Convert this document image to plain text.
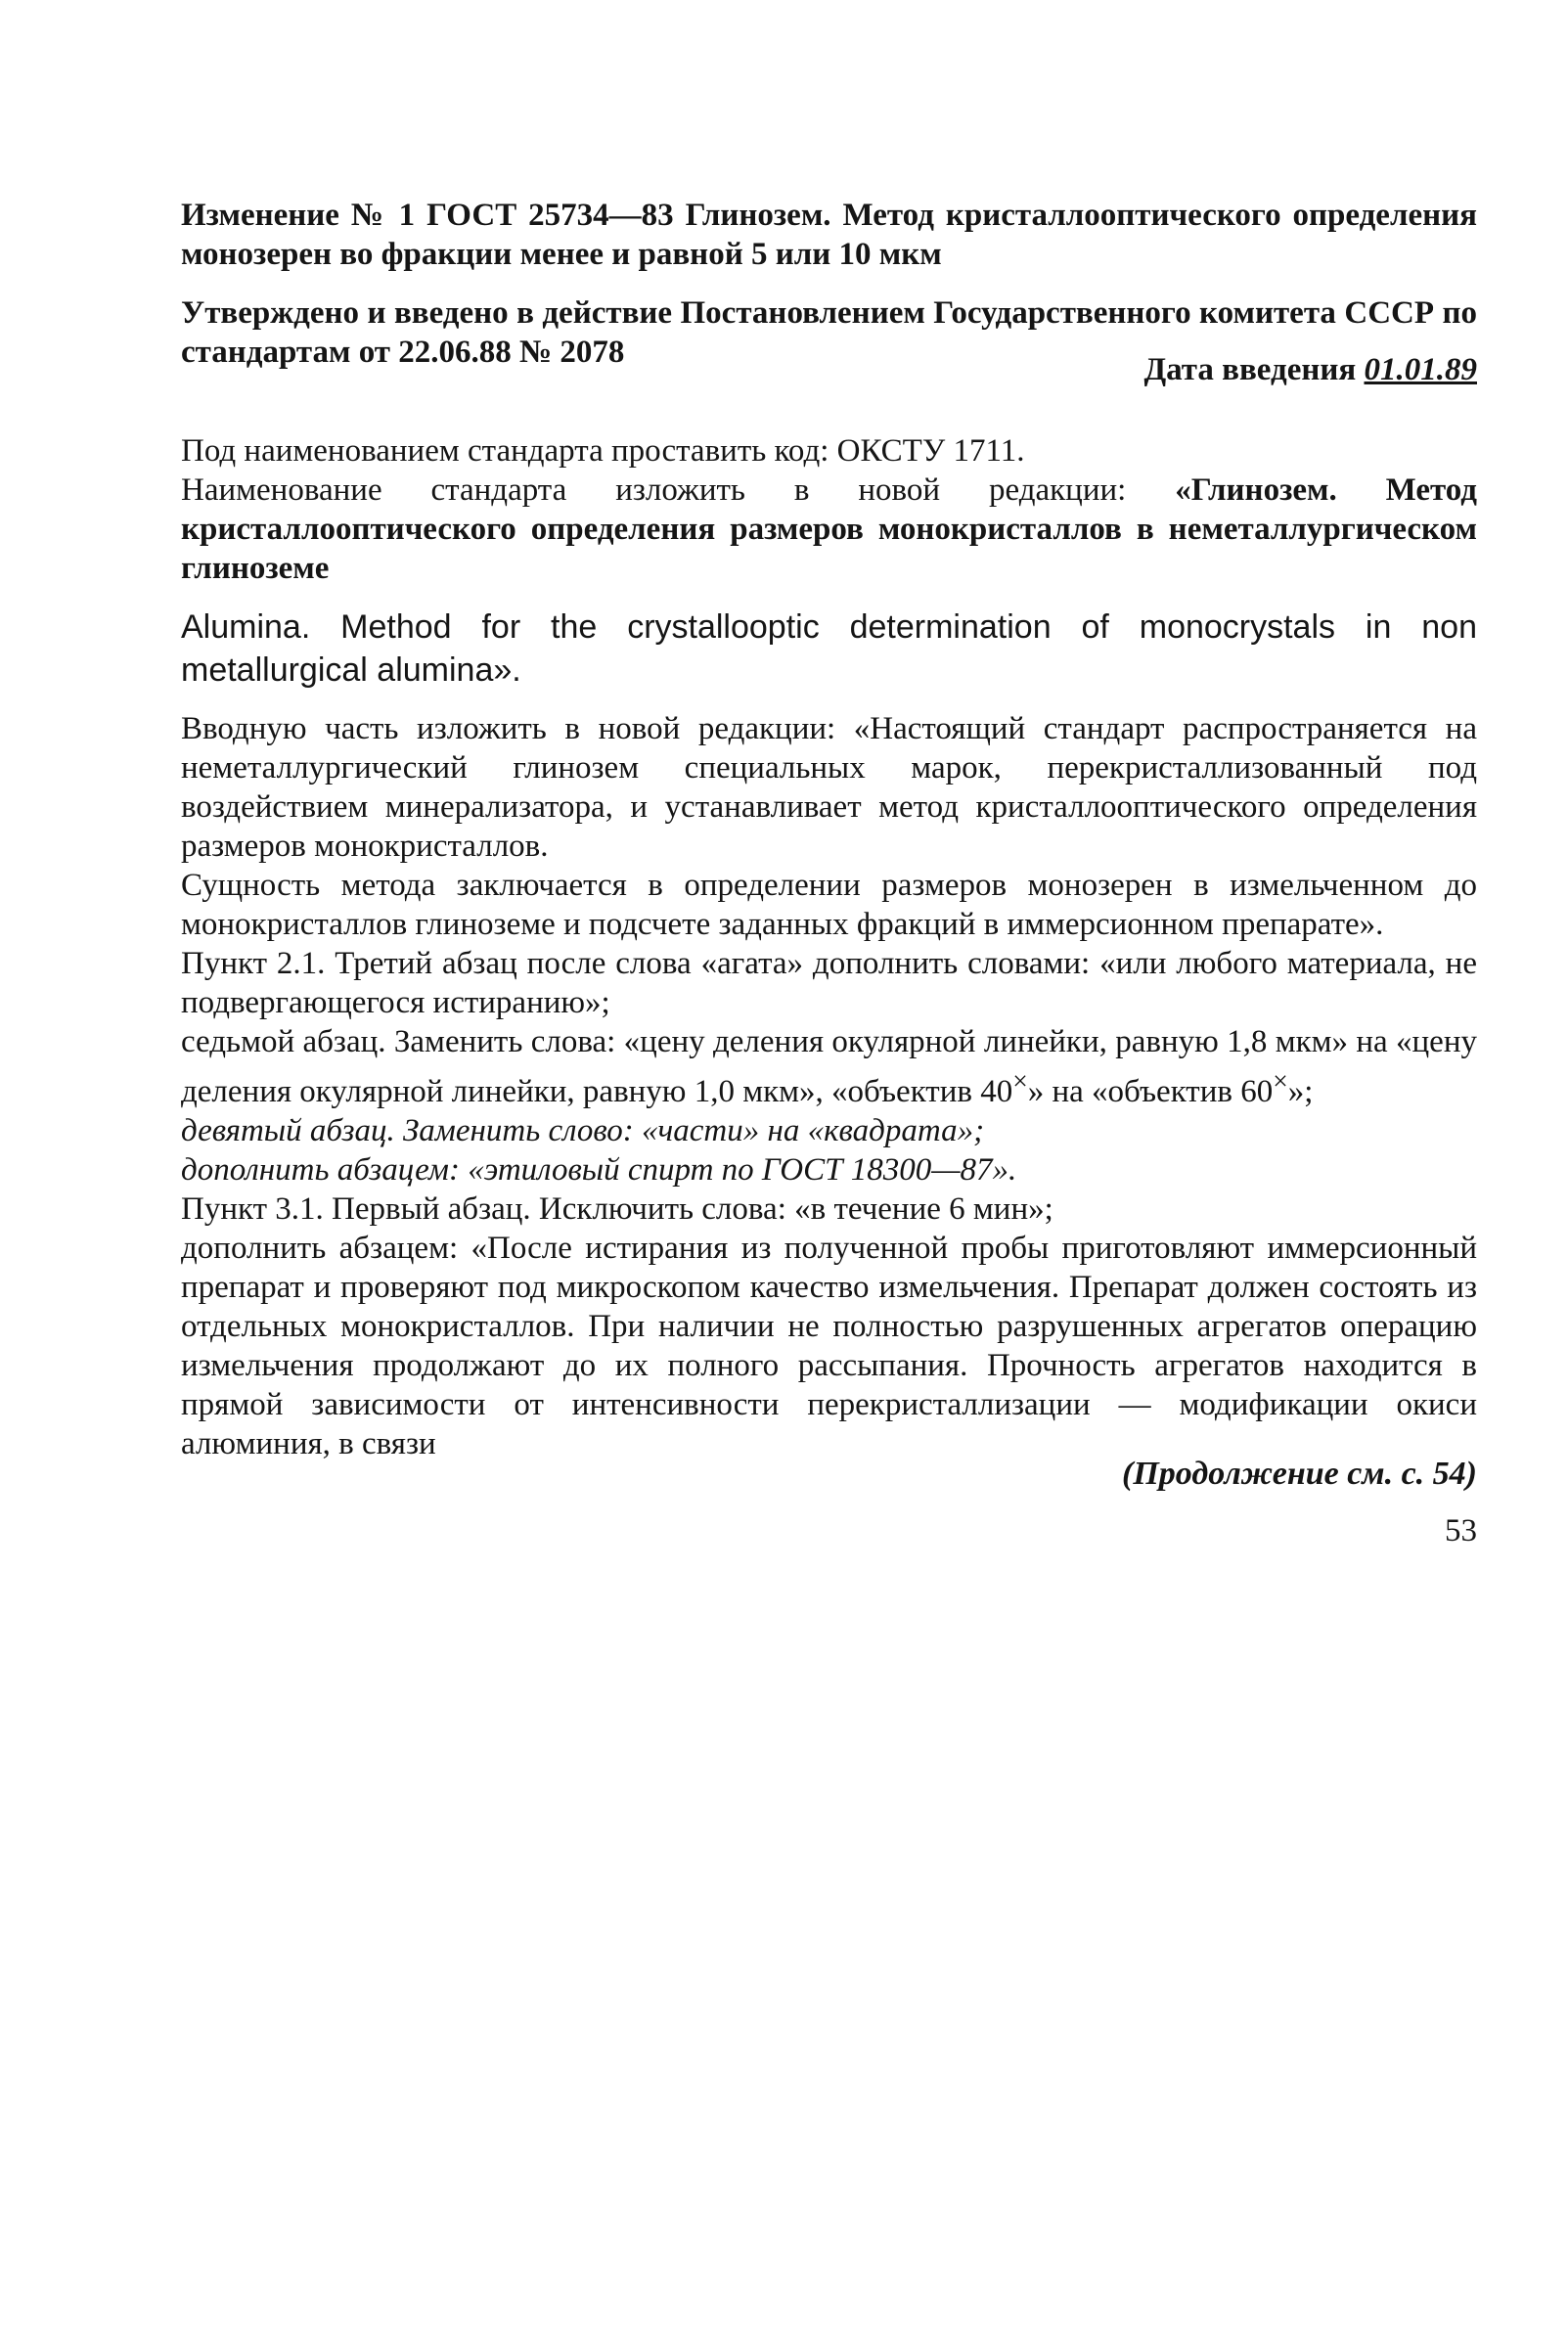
Изменение № 1 ГОСТ 25734—83 Глинозем. Метод кристаллооптического определения монозерен во фракции менее и равной 5 или 10 мкм

Утверждено и введено в действие Постановлением Государственного комитета СССР по стандартам от 22.06.88 № 2078	Дата введения 01.01.89

Под наименованием стандарта проставить код: ОКСТУ 1711.

Наименование стандарта изложить в новой редакции: «Глинозем. Метод кристаллооптического определения размеров монокристаллов в неметаллургическом глиноземе

Alumina. Method for the crystallooptic determination of monocrystals in non metallurgical alumina».

Вводную часть изложить в новой редакции: «Настоящий стандарт распространяется на неметаллургический глинозем специальных марок, перекристаллизованный под воздействием минерализатора, и устанавливает метод кристаллооптического определения размеров монокристаллов.

Сущность метода заключается в определении размеров монозерен в измельченном до монокристаллов глиноземе и подсчете заданных фракций в иммерсионном препарате».

Пункт 2.1. Третий абзац после слова «агата» дополнить словами: «или любого материала, не подвергающегося истиранию»;

седьмой абзац. Заменить слова: «цену деления окулярной линейки, равную 1,8 мкм» на «цену деления окулярной линейки, равную 1,0 мкм», «объектив 40×» на «объектив 60×»;

девятый абзац. Заменить слово: «части» на «квадрата»;

дополнить абзацем: «этиловый спирт по ГОСТ 18300—87».

Пункт 3.1. Первый абзац. Исключить слова: «в течение 6 мин»;

дополнить абзацем: «После истирания из полученной пробы приготовляют иммерсионный препарат и проверяют под микроскопом качество измельчения. Препарат должен состоять из отдельных монокристаллов. При наличии не полностью разрушенных агрегатов операцию измельчения продолжают до их полного рассыпания. Прочность агрегатов находится в прямой зависимости от интенсивности перекристаллизации — модификации окиси алюминия, в связи

(Продолжение см. с. 54)
53
